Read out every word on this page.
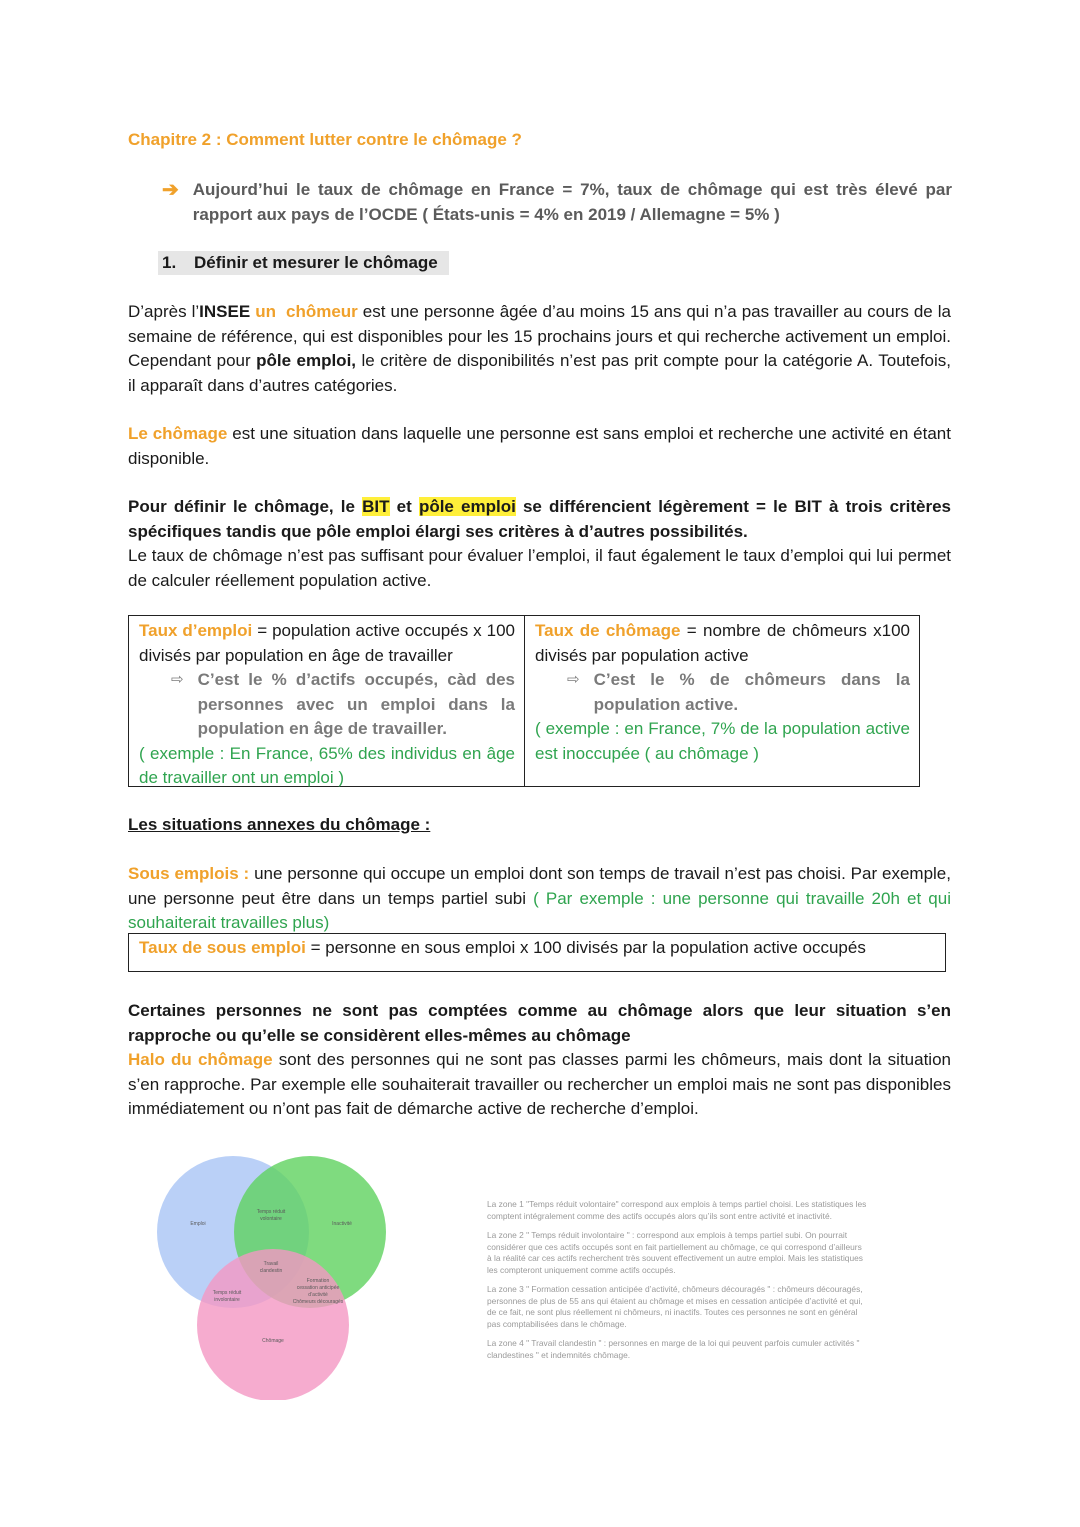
Chapitre 2 : Comment lutter contre le chômage ?
➔ Aujourd’hui le taux de chômage en France = 7%, taux de chômage qui est très élevé par rapport aux pays de l’OCDE ( États-unis = 4% en 2019 / Allemagne = 5% )
1. Définir et mesurer le chômage
D’après l’INSEE un chômeur est une personne âgée d’au moins 15 ans qui n’a pas travailler au cours de la semaine de référence, qui est disponibles pour les 15 prochains jours et qui recherche activement un emploi. Cependant pour pôle emploi, le critère de disponibilités n’est pas prit compte pour la catégorie A. Toutefois, il apparaît dans d’autres catégories.
Le chômage est une situation dans laquelle une personne est sans emploi et recherche une activité en étant disponible.
Pour définir le chômage, le BIT et pôle emploi se différencient légèrement = le BIT à trois critères spécifiques tandis que pôle emploi élargi ses critères à d’autres possibilités.
Le taux de chômage n’est pas suffisant pour évaluer l’emploi, il faut également le taux d’emploi qui lui permet de calculer réellement population active.
Taux d’emploi = population active occupés x 100 divisés par population en âge de travailler
⇨ C’est le % d’actifs occupés, càd des personnes avec un emploi dans la population en âge de travailler.
( exemple : En France, 65% des individus en âge de travailler ont un emploi )
Taux de chômage = nombre de chômeurs x100 divisés par population active
⇨ C’est le % de chômeurs dans la population active.
( exemple : en France, 7% de la population active est inoccupée ( au chômage )
Les situations annexes du chômage :
Sous emplois : une personne qui occupe un emploi dont son temps de travail n’est pas choisi. Par exemple, une personne peut être dans un temps partiel subi ( Par exemple : une personne qui travaille 20h et qui souhaiterait travailles plus)
Taux de sous emploi = personne en sous emploi x 100 divisés par la population active occupés
Certaines personnes ne sont pas comptées comme au chômage alors que leur situation s’en rapproche ou qu’elle se considèrent elles-mêmes au chômage
Halo du chômage sont des personnes qui ne sont pas classes parmi les chômeurs, mais dont la situation s’en rapproche. Par exemple elle souhaiterait travailler ou rechercher un emploi mais ne sont pas disponibles immédiatement ou n’ont pas fait de démarche active de recherche d’emploi.
Emploi	Inactivité
Chômage
Temps réduit
volontaire
Temps réduit
involontaire
Formation
cessation anticipée
d’activité
Chômeurs découragés
Travail
clandestin

La zone 1 "Temps réduit volontaire" correspond aux emplois à temps partiel choisi. Les statistiques les comptent intégralement comme des actifs occupés alors qu’ils sont entre activité et inactivité.

La zone 2 " Temps réduit involontaire " : correspond aux emplois à temps partiel subi. On pourrait considérer que ces actifs occupés sont en fait partiellement au chômage, ce qui correspond d’ailleurs à la réalité car ces actifs recherchent très souvent effectivement un autre emploi. Mais les statistiques les compteront uniquement comme actifs occupés.

La zone 3 " Formation cessation anticipée d’activité, chômeurs découragés " : chômeurs découragés, personnes de plus de 55 ans qui étaient au chômage et mises en cessation anticipée d’activité et qui, de ce fait, ne sont plus réellement ni chômeurs, ni inactifs. Toutes ces personnes ne sont en général pas comptabilisées dans le chômage.

La zone 4 " Travail clandestin " : personnes en marge de la loi qui peuvent parfois cumuler activités " clandestines " et indemnités chômage.
